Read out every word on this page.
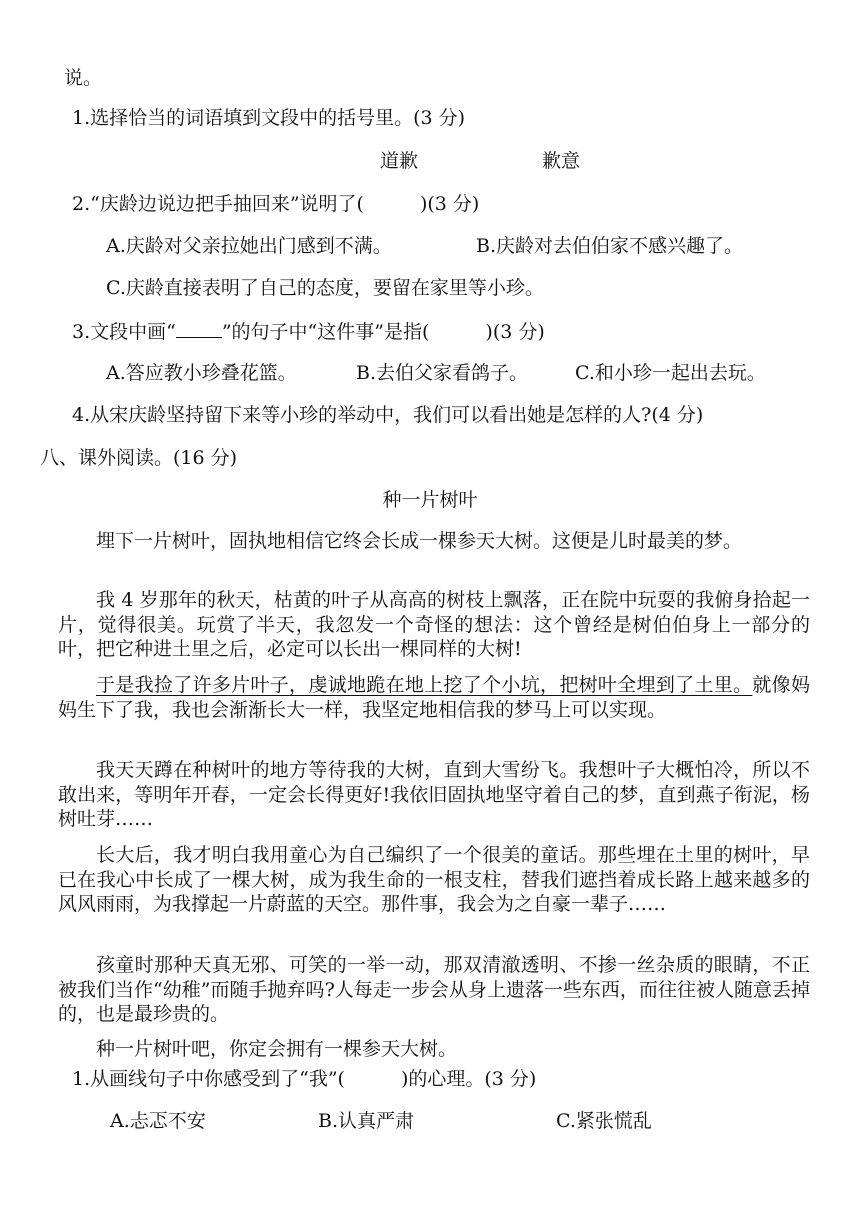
说。
1.选择恰当的词语填到文段中的括号里。(3 分)
道歉	歉意
2.“庆龄边说边把手抽回来”说明了(	)(3 分)
A.庆龄对父亲拉她出门感到不满。	B.庆龄对去伯伯家不感兴趣了。
C.庆龄直接表明了自己的态度，要留在家里等小珍。
3.文段中画“ ”的句子中“这件事”是指(	)(3 分)
A.答应教小珍叠花篮。	B.去伯父家看鸽子。 C.和小珍一起出去玩。
4.从宋庆龄坚持留下来等小珍的举动中，我们可以看出她是怎样的人?(4 分)
八、课外阅读。(16 分)
种一片树叶

埋下一片树叶，固执地相信它终会长成一棵参天大树。这便是儿时最美的梦。

我 4 岁那年的秋天，枯黄的叶子从高高的树枝上飘落，正在院中玩耍的我俯身拾起一片，觉得很美。玩赏了半天，我忽发一个奇怪的想法：这个曾经是树伯伯身上一部分的叶，把它种进土里之后，必定可以长出一棵同样的大树!

于是我捡了许多片叶子，虔诚地跪在地上挖了个小坑，把树叶全埋到了土里。就像妈妈生下了我，我也会渐渐长大一样，我坚定地相信我的梦马上可以实现。

我天天蹲在种树叶的地方等待我的大树，直到大雪纷飞。我想叶子大概怕冷，所以不敢出来，等明年开春，一定会长得更好!我依旧固执地坚守着自己的梦，直到燕子衔泥，杨树吐芽……

长大后，我才明白我用童心为自己编织了一个很美的童话。那些埋在土里的树叶，早已在我心中长成了一棵大树，成为我生命的一根支柱，替我们遮挡着成长路上越来越多的风风雨雨，为我撑起一片蔚蓝的天空。那件事，我会为之自豪一辈子……

孩童时那种天真无邪、可笑的一举一动，那双清澈透明、不掺一丝杂质的眼睛，不正被我们当作“幼稚”而随手抛弃吗?人每走一步会从身上遗落一些东西，而往往被人随意丢掉的，也是最珍贵的。

种一片树叶吧，你定会拥有一棵参天大树。

1.从画线句子中你感受到了“我”(	)的心理。(3 分)
A.忐忑不安	B.认真严肃	C.紧张慌乱
